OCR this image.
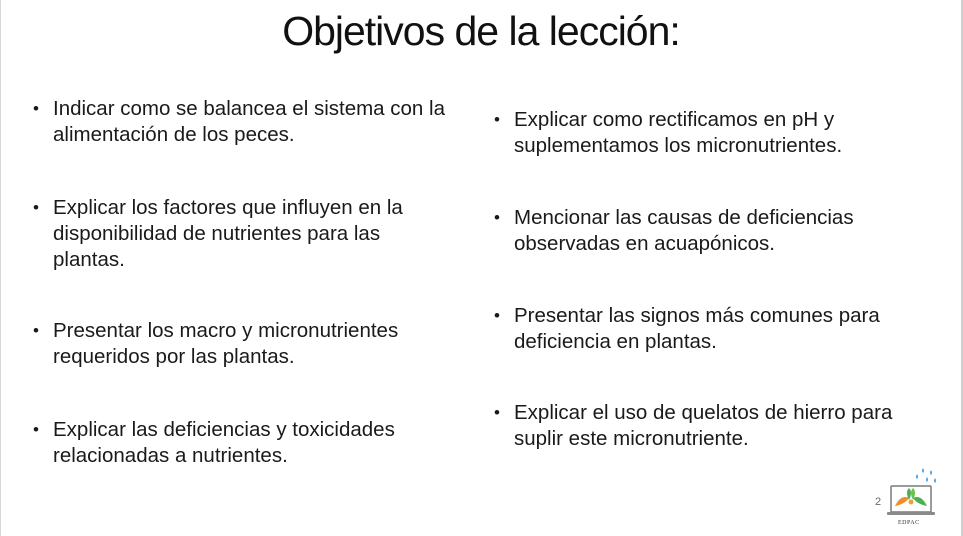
Objetivos de la lección:
• Indicar como se balancea el sistema con la alimentación de los peces.
• Explicar los factores que influyen en la disponibilidad de nutrientes para las plantas.
• Presentar los macro y micronutrientes requeridos por las plantas.
• Explicar las deficiencias y toxicidades relacionadas a nutrientes.
• Explicar como rectificamos en pH y suplementamos los micronutrientes.
• Mencionar las causas de deficiencias observadas en acuapónicos.
• Presentar las signos más comunes para deficiencia en plantas.
• Explicar el uso de quelatos de hierro para suplir este micronutriente.
2
EDPAC
